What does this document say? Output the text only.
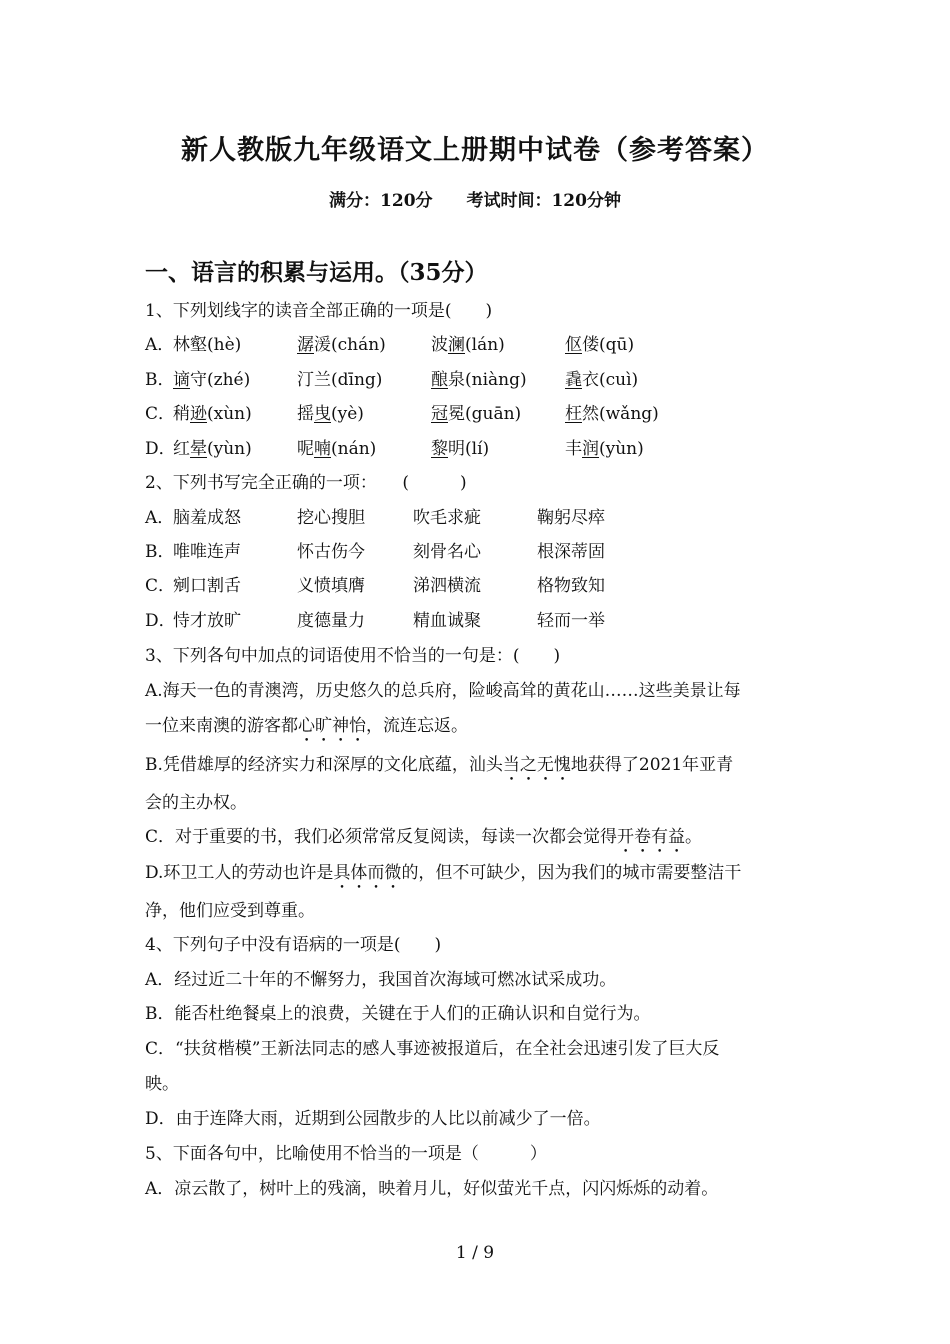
新人教版九年级语文上册期中试卷（参考答案）
满分：120分 考试时间：120分钟
一、语言的积累与运用。（35分）
1、下列划线字的读音全部正确的一项是(　　)
A．
林壑(hè)	潺湲(chán)	波澜(lán)	伛偻(qū)
B．
谪守(zhé)	汀兰(dīng)	酿泉(niàng) 毳衣(cuì)
C．
稍逊(xùn)	摇曳(yè)	冠冕(guān)	枉然(wǎng)
D．
红晕(yùn)	呢喃(nán)	黎明(lí)	丰润(yùn)
2、下列书写完全正确的一项：　　(　　　)
A．
脑羞成怒	挖心搜胆	吹毛求疵	鞠躬尽瘁
B．
唯唯连声	怀古伤今	刻骨名心	根深蒂固
C．
剜口割舌	义愤填膺	涕泗横流	格物致知
D．
恃才放旷	度德量力	精血诚聚	轻而一举
3、下列各句中加点的词语使用不恰当的一句是：(　　)
A.海天一色的青澳湾，历史悠久的总兵府，险峻高耸的黄花山……这些美景让每
一位来南澳的游客都心旷神怡，流连忘返。
B.凭借雄厚的经济实力和深厚的文化底蕴，汕头当之无愧地获得了2021年亚青
会的主办权。
C．对于重要的书，我们必须常常反复阅读，每读一次都会觉得开卷有益。
D.环卫工人的劳动也许是具体而微的，但不可缺少，因为我们的城市需要整洁干
净，他们应受到尊重。
4、下列句子中没有语病的一项是(　　)
A．经过近二十年的不懈努力，我国首次海域可燃冰试采成功。
B．能否杜绝餐桌上的浪费，关键在于人们的正确认识和自觉行为。
C．“扶贫楷模”王新法同志的感人事迹被报道后，在全社会迅速引发了巨大反
映。
D．由于连降大雨，近期到公园散步的人比以前减少了一倍。
5、下面各句中，比喻使用不恰当的一项是（　　　）
A．凉云散了，树叶上的残滴，映着月儿，好似萤光千点，闪闪烁烁的动着。
1 / 9
